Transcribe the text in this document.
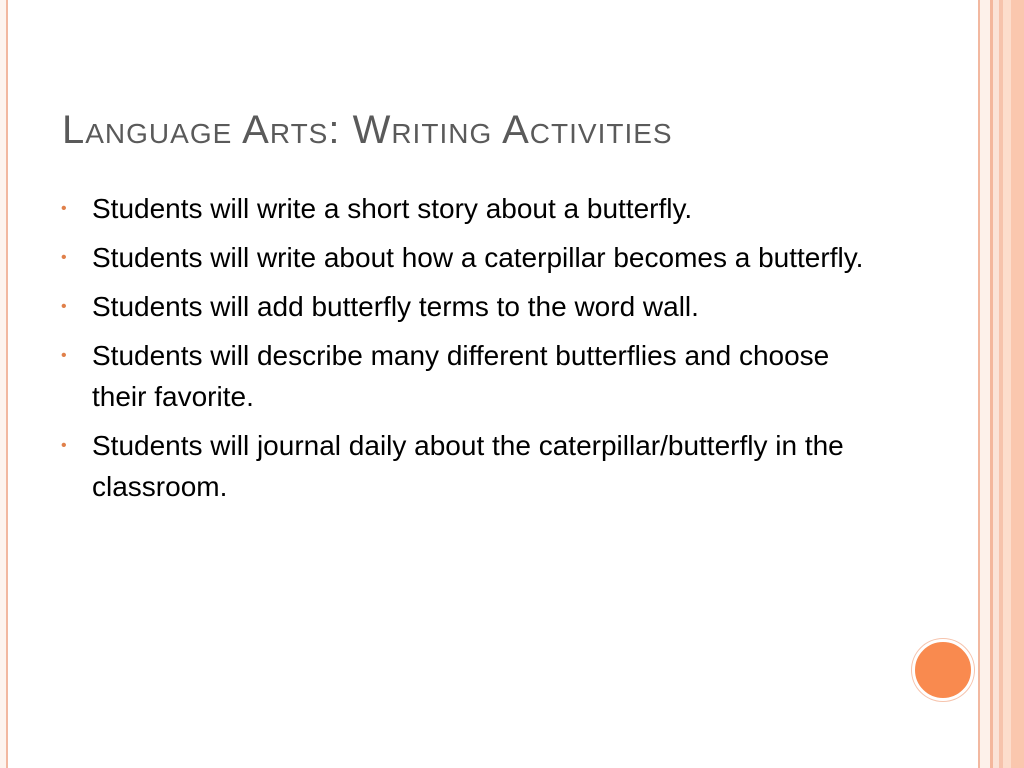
Language Arts: Writing Activities
• Students will write a short story about a butterfly.
• Students will write about how a caterpillar becomes a butterfly.
• Students will add butterfly terms to the word wall.
• Students will describe many different butterflies and choose their favorite.
• Students will journal daily about the caterpillar/butterfly in the classroom.
